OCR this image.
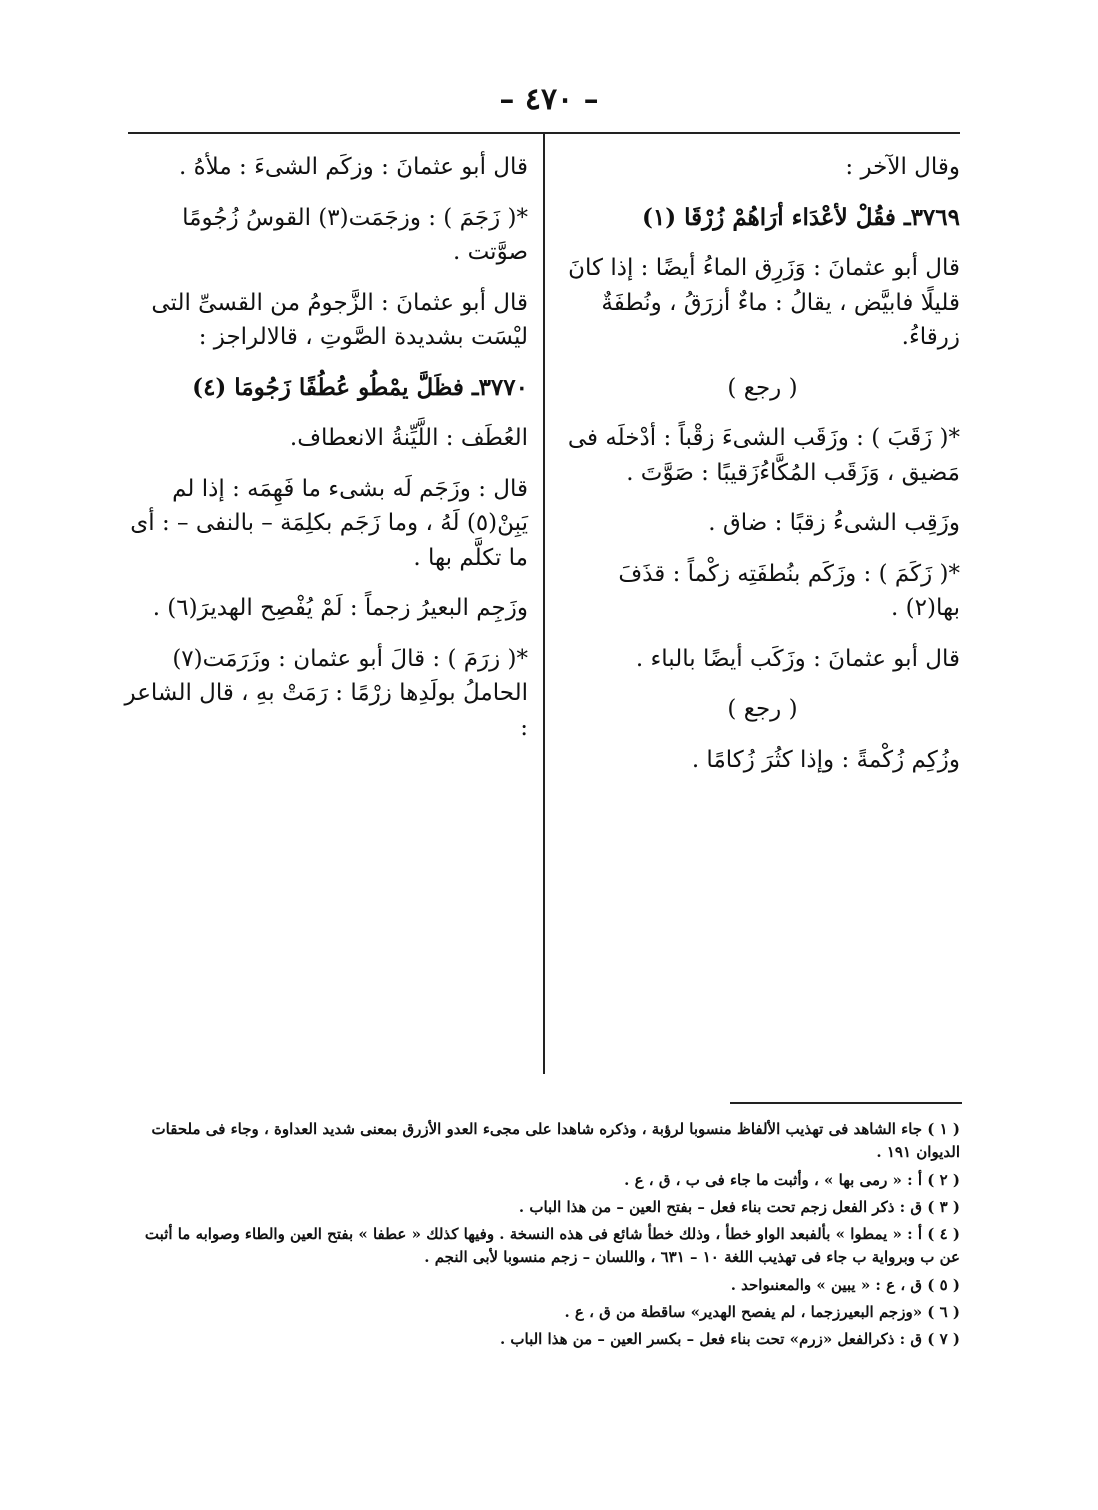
– ٤٧٠ –

وقال الآخر :

٣٧٦٩ـ فقُلْ لأعْدَاء أرَاهُمْ زُرْقَا (١)

قال أبو عثمانَ : وَزَرِق الماءُ أيضًا : إذا كانَ قليلًا فابيَّض ، يقالُ : ماءٌ أزرَقُ ، ونُطفَةٌ زرقاءُ.

( رجع )

*( زَقَبَ ) : وزَقَب الشىءَ زقْباً : أدْخلَه فى مَضيق ، وَزَقَب المُكَّاءُزَقيبًا : صَوَّتَ .

وزَقِب الشىءُ زقبًا : ضاق .

*( زَكَمَ ) : وزَكَم بنُطفَتِه زكْماً : قذَفَ بها(٢) .

قال أبو عثمانَ : وزَكَب أيضًا بالباء .

( رجع )

وزُكِم زُكْمةً : وإذا كثُرَ زُكامًا .

قال أبو عثمانَ : وزكَم الشىءَ : ملأهُ .

*( زَجَمَ ) : وزجَمَت(٣) القوسُ زُجُومًا صوَّتت .

قال أبو عثمانَ : الزَّجومُ من القسىِّ التى ليْسَت بشديدة الصَّوتِ ، قالالراجز :

٣٧٧٠ـ فظَلَّ يمْطُو عُطُفًا زَجُومَا (٤)

العُطَف : اللَّيِّنةُ الانعطاف.

قال : وزَجَم لَه بشىء ما فَهِمَه : إذا لم يَبِنْ(٥) لَهُ ، وما زَجَم بكلِمَة – بالنفى – : أى ما تكلَّم بها .

وزَجِم البعيرُ زجماً : لَمْ يُفْصِح الهديرَ(٦) .

*( زرَمَ ) : قالَ أبو عثمان : وزَرَمَت(٧) الحاملُ بولَدِها زرْمًا : رَمَتْ بهِ ، قال الشاعر :

( ١ ) جاء الشاهد فى تهذيب الألفاظ منسوبا لرؤبة ، وذكره شاهدا على مجىء العدو الأزرق بمعنى شديد العداوة ، وجاء فى ملحقات الديوان ١٩١ .

( ٢ ) أ : « رمى بها » ، وأثبت ما جاء فى ب ، ق ، ع .

( ٣ ) ق : ذكر الفعل زجم تحت بناء فعل – بفتح العين – من هذا الباب .

( ٤ ) أ : « يمطوا » بألفبعد الواو خطأ ، وذلك خطأ شائع فى هذه النسخة . وفيها كذلك « عطفا » بفتح العين والطاء وصوابه ما أثبت عن ب وبرواية ب جاء فى تهذيب اللغة ١٠ – ٦٣١ ، واللسان – زجم منسوبا لأبى النجم .

( ٥ ) ق ، ع : « يبين » والمعنىواحد .

( ٦ ) «وزجم البعيرزجما ، لم يفصح الهدير» ساقطة من ق ، ع .

( ٧ ) ق : ذكرالفعل «زرم» تحت بناء فعل – بكسر العين – من هذا الباب .
